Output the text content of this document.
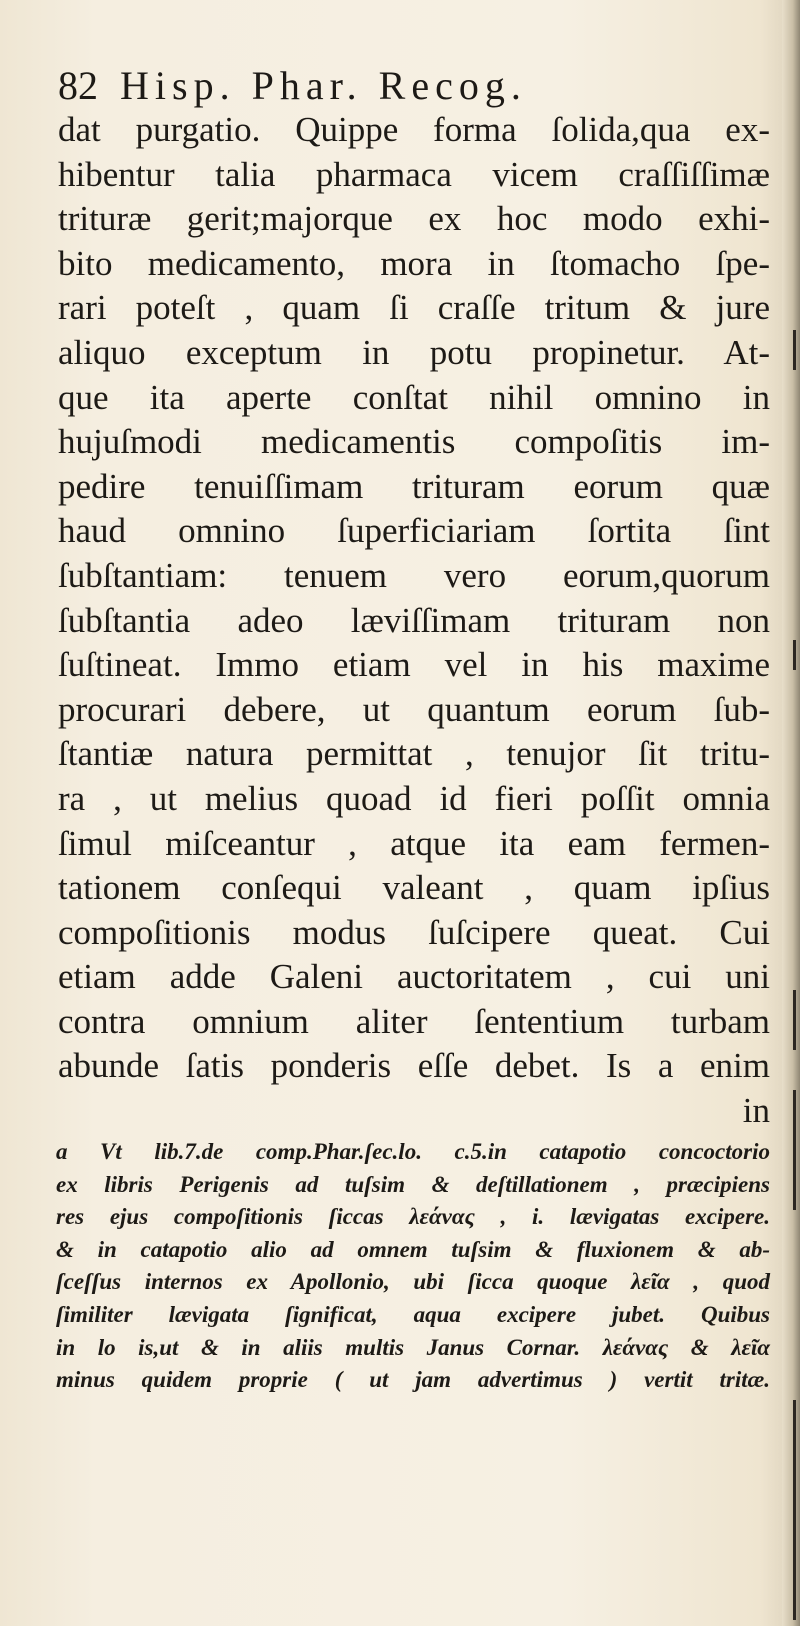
82 Hisp. Phar. Recog.
dat purgatio. Quippe forma ſolida,qua ex-
hibentur talia pharmaca vicem craſſiſſimæ
trituræ gerit;majorque ex hoc modo exhi-
bito medicamento, mora in ſtomacho ſpe-
rari poteſt , quam ſi craſſe tritum & jure
aliquo exceptum in potu propinetur. At-
que ita aperte conſtat nihil omnino in
hujuſmodi medicamentis compoſitis im-
pedire tenuiſſimam trituram eorum quæ
haud omnino ſuperficiariam ſortita ſint
ſubſtantiam: tenuem vero eorum,quorum
ſubſtantia adeo læviſſimam trituram non
ſuſtineat. Immo etiam vel in his maxime
procurari debere, ut quantum eorum ſub-
ſtantiæ natura permittat , tenujor ſit tritu-
ra , ut melius quoad id fieri poſſit omnia
ſimul miſceantur , atque ita eam fermen-
tationem conſequi valeant , quam ipſius
compoſitionis modus ſuſcipere queat. Cui
etiam adde Galeni auctoritatem , cui uni
contra omnium aliter ſententium turbam
abunde ſatis ponderis eſſe debet. Is a enim
in
a Vt lib.7.de comp.Phar.ſec.lo. c.5.in catapotio concoctorio
ex libris Perigenis ad tuſsim & deſtillationem , præcipiens
res ejus compoſitionis ſiccas λεάνας , i. lævigatas excipere.
& in catapotio alio ad omnem tuſsim & fluxionem & ab-
ſceſſus internos ex Apollonio, ubi ſicca quoque λεῖα , quod
ſimiliter lævigata ſignificat, aqua excipere jubet. Quibus
in lo is,ut & in aliis multis Janus Cornar. λεάνας & λεῖα
minus quidem proprie ( ut jam advertimus ) vertit tritæ.
